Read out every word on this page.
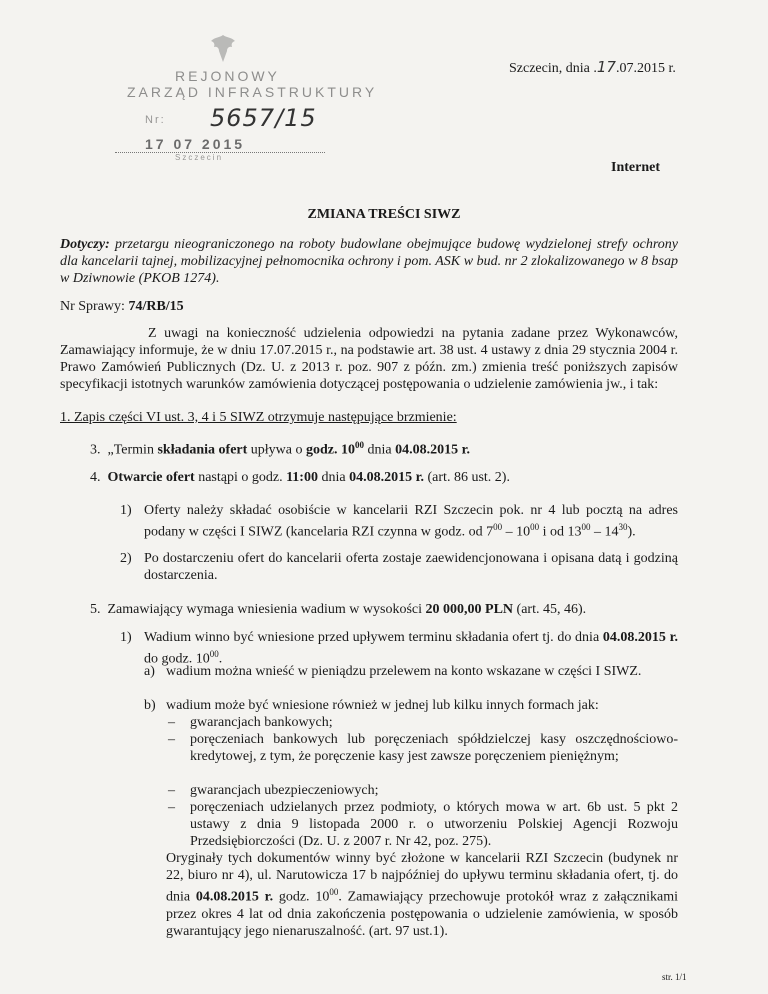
REJONOWY
ZARZĄD INFRASTRUKTURY
5657/15
Nr:
17 07 2015
Szczecin
Szczecin, dnia .17.07.2015 r.
Internet
ZMIANA TREŚCI SIWZ
Dotyczy: przetargu nieograniczonego na roboty budowlane obejmujące budowę wydzielonej strefy ochrony dla kancelarii tajnej, mobilizacyjnej pełnomocnika ochrony i pom. ASK w bud. nr 2 zlokalizowanego w 8 bsap w Dziwnowie (PKOB 1274).
Nr Sprawy: 74/RB/15
Z uwagi na konieczność udzielenia odpowiedzi na pytania zadane przez Wykonawców, Zamawiający informuje, że w dniu 17.07.2015 r., na podstawie art. 38 ust. 4 ustawy z dnia 29 stycznia 2004 r. Prawo Zamówień Publicznych (Dz. U. z 2013 r. poz. 907 z późn. zm.) zmienia treść poniższych zapisów specyfikacji istotnych warunków zamówienia dotyczącej postępowania o udzielenie zamówienia jw., i tak:
1. Zapis części VI ust. 3, 4 i 5 SIWZ otrzymuje następujące brzmienie:
3. „Termin składania ofert upływa o godz. $10^{00}$ dnia 04.08.2015 r.
4. Otwarcie ofert nastąpi o godz. 11:00 dnia 04.08.2015 r. (art. 86 ust. 2).
1) Oferty należy składać osobiście w kancelarii RZI Szczecin pok. nr 4 lub pocztą na adres podany w części I SIWZ (kancelaria RZI czynna w godz. od $7^{00} - 10^{00}$ i od $13^{00} - 14^{30}$).
2) Po dostarczeniu ofert do kancelarii oferta zostaje zaewidencjonowana i opisana datą i godziną dostarczenia.
5. Zamawiający wymaga wniesienia wadium w wysokości 20 000,00 PLN (art. 45, 46).
1) Wadium winno być wniesione przed upływem terminu składania ofert tj. do dnia 04.08.2015 r. do godz. $10^{00}$.
a) wadium można wnieść w pieniądzu przelewem na konto wskazane w części I SIWZ.
b) wadium może być wniesione również w jednej lub kilku innych formach jak:
– gwarancjach bankowych;
– poręczeniach bankowych lub poręczeniach spółdzielczej kasy oszczędnościowo-kredytowej, z tym, że poręczenie kasy jest zawsze poręczeniem pieniężnym;
– gwarancjach ubezpieczeniowych;
– poręczeniach udzielanych przez podmioty, o których mowa w art. 6b ust. 5 pkt 2 ustawy z dnia 9 listopada 2000 r. o utworzeniu Polskiej Agencji Rozwoju Przedsiębiorczości (Dz. U. z 2007 r. Nr 42, poz. 275).
Oryginały tych dokumentów winny być złożone w kancelarii RZI Szczecin (budynek nr 22, biuro nr 4), ul. Narutowicza 17 b najpóźniej do upływu terminu składania ofert, tj. do dnia 04.08.2015 r. godz. $10^{00}$. Zamawiający przechowuje protokół wraz z załącznikami przez okres 4 lat od dnia zakończenia postępowania o udzielenie zamówienia, w sposób gwarantujący jego nienaruszalność. (art. 97 ust.1).
str. 1/1
